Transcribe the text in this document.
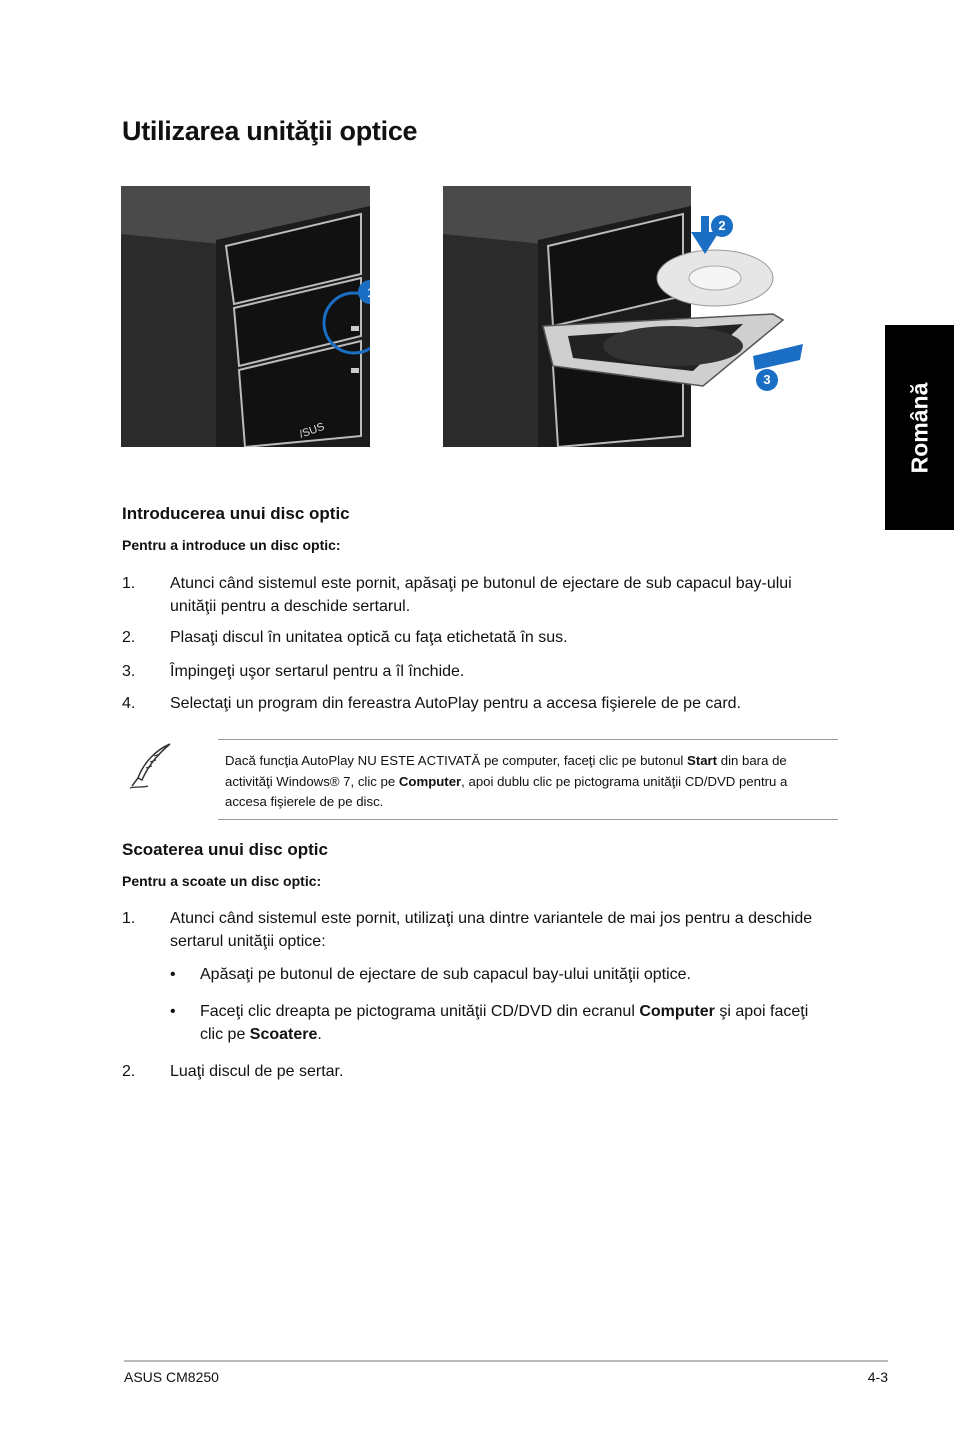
Utilizarea unităţii optice
Română
/SUS
1
2
3
Introducerea unui disc optic
Pentru a introduce un disc optic:
1. Atunci când sistemul este pornit, apăsaţi pe butonul de ejectare de sub capacul bay-ului unităţii pentru a deschide sertarul.
2. Plasaţi discul în unitatea optică cu faţa etichetată în sus.
3. Împingeţi uşor sertarul pentru a îl închide.
4. Selectaţi un program din fereastra AutoPlay pentru a accesa fişierele de pe card.
Dacă funcţia AutoPlay NU ESTE ACTIVATĂ pe computer, faceţi clic pe butonul Start din bara de activităţi Windows® 7, clic pe Computer, apoi dublu clic pe pictograma unităţii CD/DVD pentru a accesa fişierele de pe disc.
Scoaterea unui disc optic
Pentru a scoate un disc optic:
1. Atunci când sistemul este pornit, utilizaţi una dintre variantele de mai jos pentru a deschide sertarul unităţii optice:
• Apăsaţi pe butonul de ejectare de sub capacul bay-ului unităţii optice.
• Faceţi clic dreapta pe pictograma unităţii CD/DVD din ecranul Computer şi apoi faceţi clic pe Scoatere.
2. Luaţi discul de pe sertar.
ASUS CM8250	4-3
